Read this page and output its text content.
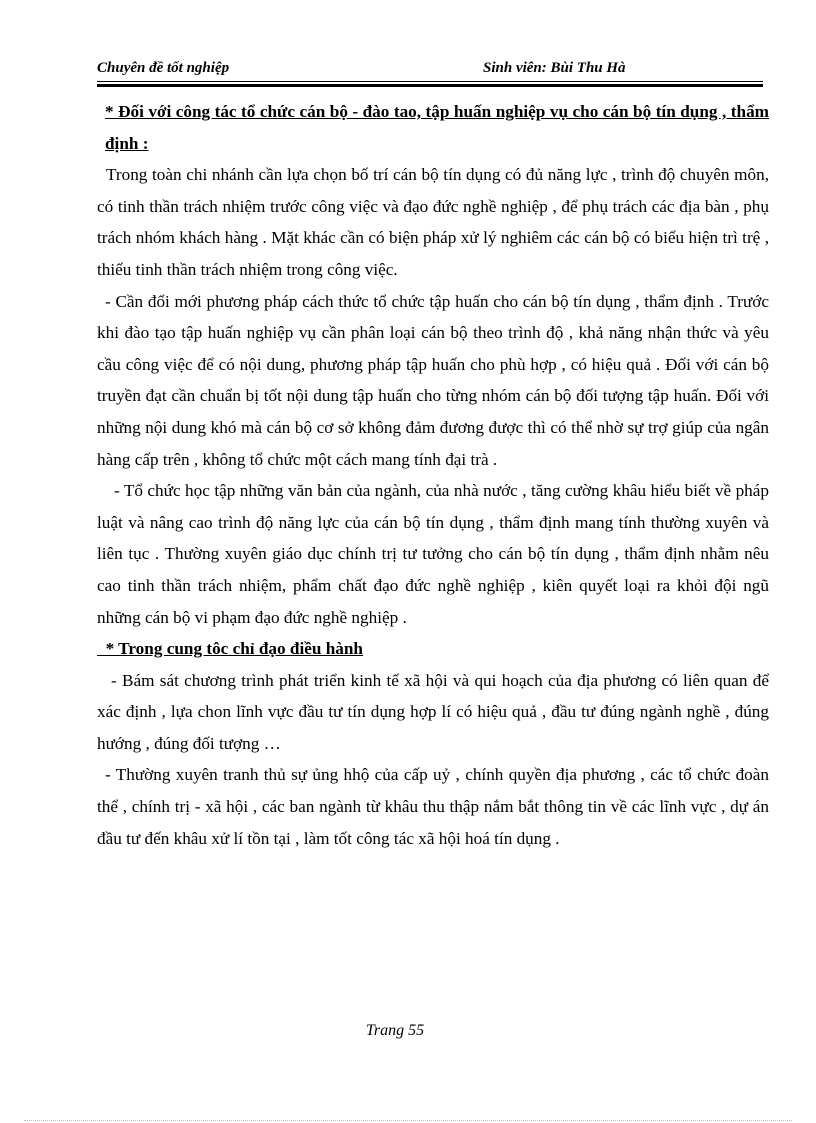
Chuyên đề tốt nghiệp	Sinh viên: Bùi Thu Hà

* Đối với công tác tổ chức cán bộ - đào tao, tập huấn nghiệp vụ cho cán bộ tín dụng , thẩm định :

Trong toàn chi nhánh cần lựa chọn bố trí cán bộ tín dụng có đủ năng lực , trình độ chuyên môn, có tinh thần trách nhiệm trước công việc và đạo đức nghề nghiệp , để phụ trách các địa bàn , phụ trách nhóm khách hàng . Mặt khác cần có biện pháp xử lý nghiêm các cán bộ có biểu hiện trì trệ , thiếu tinh thần trách nhiệm trong công việc.

- Cần đổi mới phương pháp cách thức tổ chức tập huấn cho cán bộ tín dụng , thẩm định . Trước khi đào tạo tập huấn nghiệp vụ cần phân loại cán bộ theo trình độ , khả năng nhận thức và yêu cầu công việc để có nội dung, phương pháp tập huấn cho phù hợp , có hiệu quả . Đối với cán bộ truyền đạt cần chuẩn bị tốt nội dung tập huấn cho từng nhóm cán bộ đối tượng tập huấn. Đối với những nội dung khó mà cán bộ cơ sở không đảm đương được thì có thể nhờ sự trợ giúp của ngân hàng cấp trên , không tổ chức một cách mang tính đại trà .

- Tổ chức học tập những văn bản của ngành, của nhà nước , tăng cường khâu hiểu biết về pháp luật và nâng cao trình độ năng lực của cán bộ tín dụng , thẩm định mang tính thường xuyên và liên tục . Thường xuyên giáo dục chính trị tư tưởng cho cán bộ tín dụng , thẩm định nhằm nêu cao tinh thần trách nhiệm, phẩm chất đạo đức nghề nghiệp , kiên quyết loại ra khỏi đội ngũ những cán bộ vi phạm đạo đức nghề nghiệp .

* Trong cung tôc chỉ đạo điều hành

- Bám sát chương trình phát triển kinh tế xã hội và qui hoạch của địa phương có liên quan để xác định , lựa chon lĩnh vực đầu tư tín dụng hợp lí có hiệu quả , đầu tư đúng ngành nghề , đúng hướng , đúng đối tượng …

- Thường xuyên tranh thủ sự ủng hhộ của cấp uỷ , chính quyền địa phương , các tổ chức đoàn thể , chính trị - xã hội , các ban ngành từ khâu thu thập nắm bắt thông tin về các lĩnh vực , dự án đầu tư đến khâu xử lí tồn tại , làm tốt công tác xã hội hoá tín dụng .

Trang 55
